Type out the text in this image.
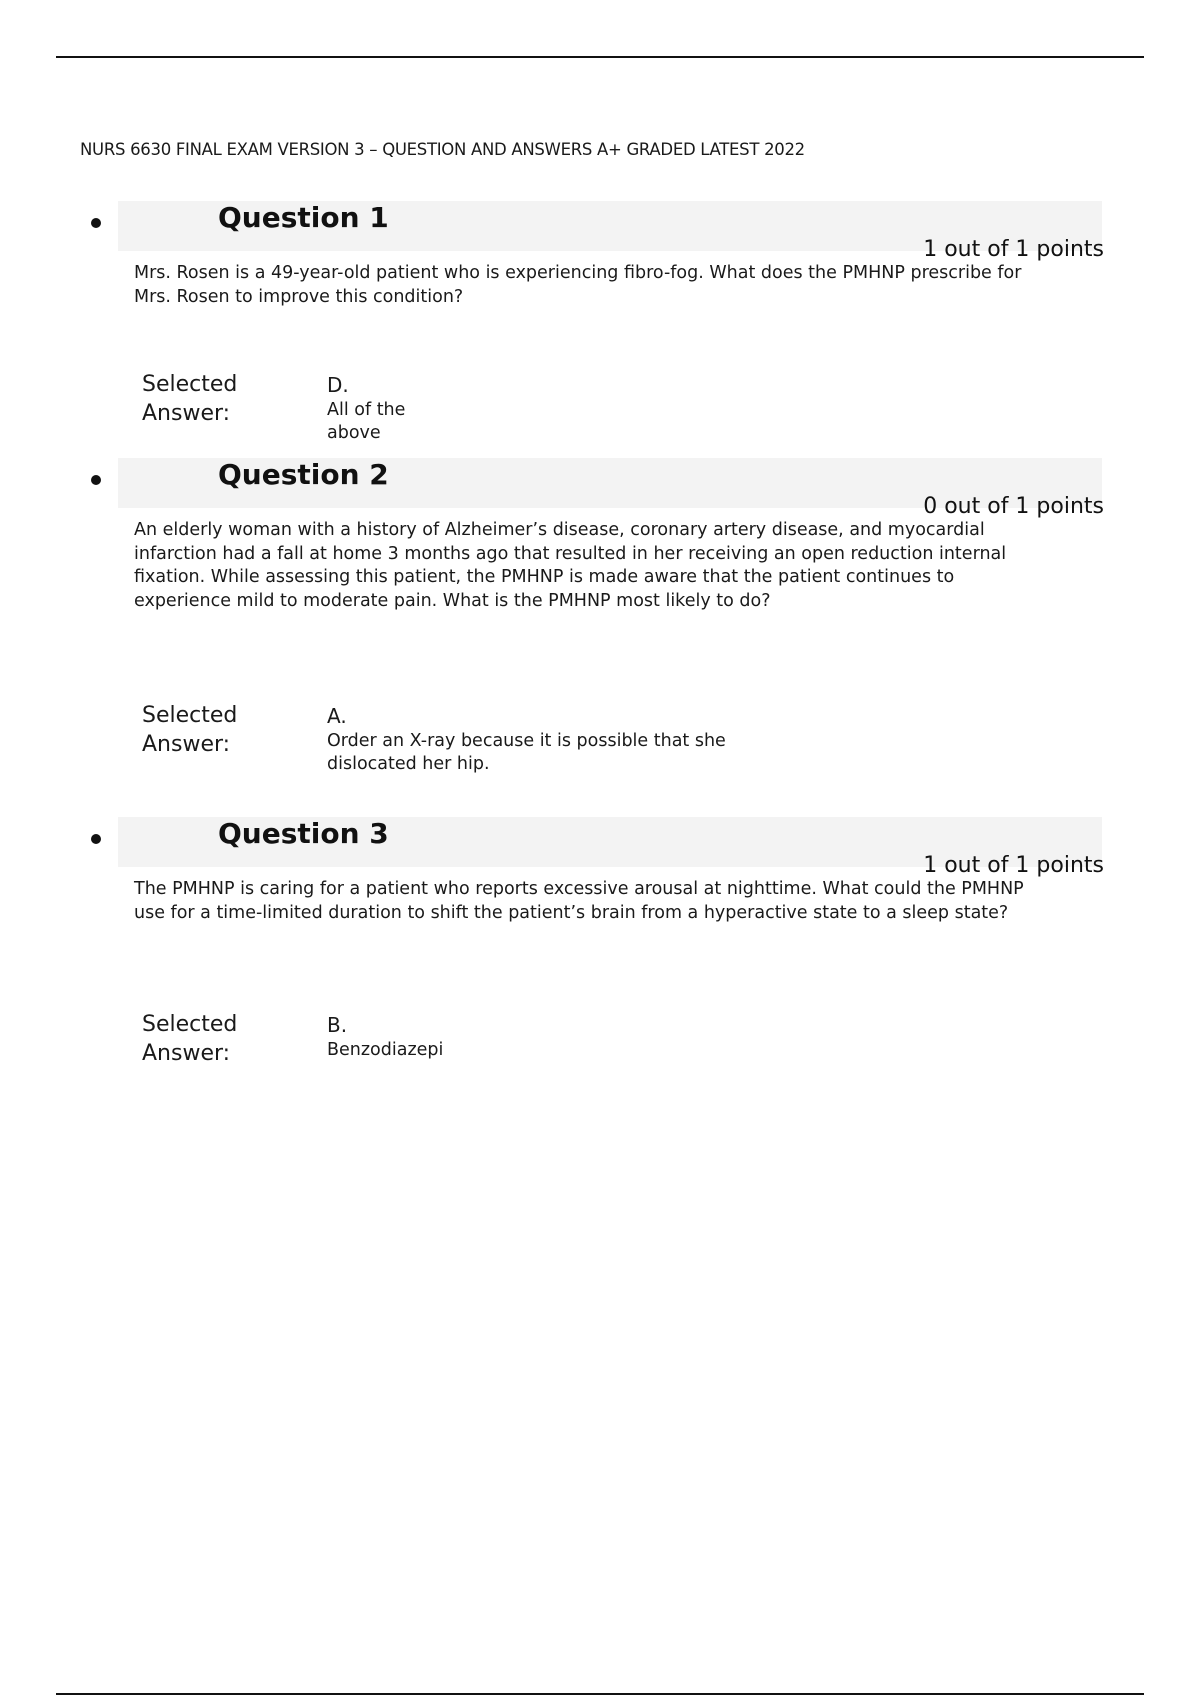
NURS 6630 FINAL EXAM VERSION 3 – QUESTION AND ANSWERS A+ GRADED LATEST 2022
Question 1
1 out of 1 points

Mrs. Rosen is a 49-year-old patient who is experiencing fibro-fog. What does the PMHNP prescribe for Mrs. Rosen to improve this condition?

Selected Answer:
D.

All of the above

Question 2
0 out of 1 points

An elderly woman with a history of Alzheimer’s disease, coronary artery disease, and myocardial infarction had a fall at home 3 months ago that resulted in her receiving an open reduction internal fixation. While assessing this patient, the PMHNP is made aware that the patient continues to experience mild to moderate pain. What is the PMHNP most likely to do?

Selected Answer:
A.

Order an X-ray because it is possible that she dislocated her hip.

Question 3
1 out of 1 points

The PMHNP is caring for a patient who reports excessive arousal at nighttime. What could the PMHNP use for a time-limited duration to shift the patient’s brain from a hyperactive state to a sleep state?

Selected Answer:
B.

Benzodiazepi
